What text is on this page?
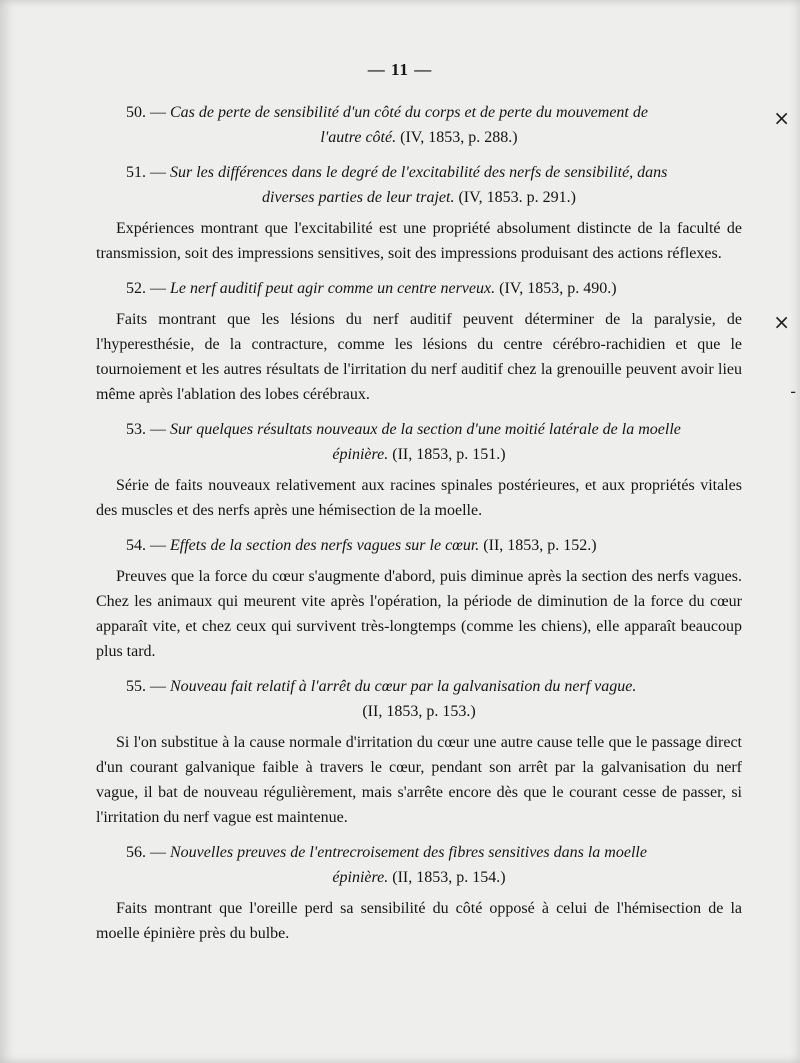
— 11 —
×
×
-

50. — Cas de perte de sensibilité d'un côté du corps et de perte du mouvement de
l'autre côté. (IV, 1853, p. 288.)

51. — Sur les différences dans le degré de l'excitabilité des nerfs de sensibilité, dans
diverses parties de leur trajet. (IV, 1853. p. 291.)

Expériences montrant que l'excitabilité est une propriété absolument distincte de la faculté de transmission, soit des impressions sensitives, soit des impressions produisant des actions réflexes.

52. — Le nerf auditif peut agir comme un centre nerveux. (IV, 1853, p. 490.)

Faits montrant que les lésions du nerf auditif peuvent déterminer de la paralysie, de l'hyperesthésie, de la contracture, comme les lésions du centre cérébro-rachidien et que le tournoiement et les autres résultats de l'irritation du nerf auditif chez la grenouille peuvent avoir lieu même après l'ablation des lobes cérébraux.

53. — Sur quelques résultats nouveaux de la section d'une moitié latérale de la moelle
épinière. (II, 1853, p. 151.)

Série de faits nouveaux relativement aux racines spinales postérieures, et aux propriétés vitales des muscles et des nerfs après une hémisection de la moelle.

54. — Effets de la section des nerfs vagues sur le cœur. (II, 1853, p. 152.)

Preuves que la force du cœur s'augmente d'abord, puis diminue après la section des nerfs vagues. Chez les animaux qui meurent vite après l'opération, la période de diminution de la force du cœur apparaît vite, et chez ceux qui survivent très-longtemps (comme les chiens), elle apparaît beaucoup plus tard.

55. — Nouveau fait relatif à l'arrêt du cœur par la galvanisation du nerf vague.
(II, 1853, p. 153.)

Si l'on substitue à la cause normale d'irritation du cœur une autre cause telle que le passage direct d'un courant galvanique faible à travers le cœur, pendant son arrêt par la galvanisation du nerf vague, il bat de nouveau régulièrement, mais s'arrête encore dès que le courant cesse de passer, si l'irritation du nerf vague est maintenue.

56. — Nouvelles preuves de l'entrecroisement des fibres sensitives dans la moelle
épinière. (II, 1853, p. 154.)

Faits montrant que l'oreille perd sa sensibilité du côté opposé à celui de l'hémisection de la moelle épinière près du bulbe.
